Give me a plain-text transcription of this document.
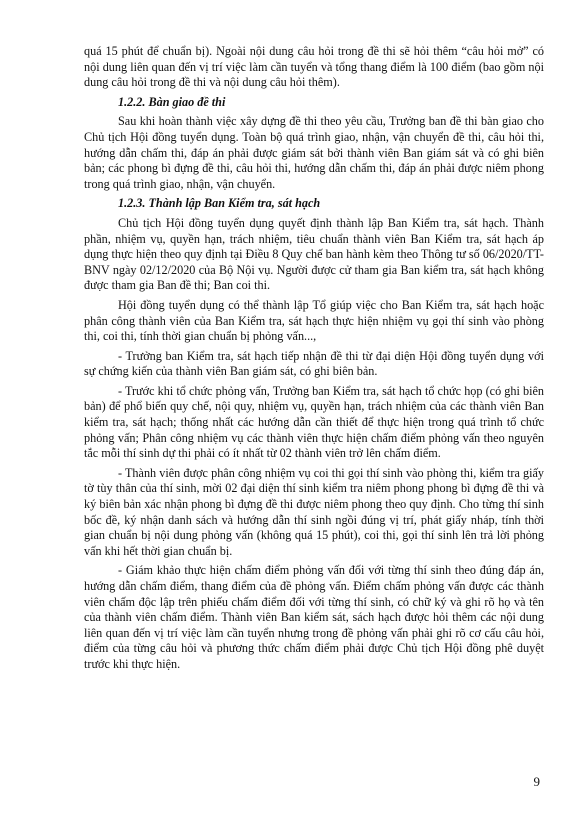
quá 15 phút để chuẩn bị). Ngoài nội dung câu hỏi trong đề thi sẽ hỏi thêm “câu hỏi mở” có nội dung liên quan đến vị trí việc làm cần tuyển và tổng thang điểm là 100 điểm (bao gồm nội dung câu hỏi trong đề thi và nội dung câu hỏi thêm).

1.2.2. Bàn giao đề thi

Sau khi hoàn thành việc xây dựng đề thi theo yêu cầu, Trưởng ban đề thi bàn giao cho Chủ tịch Hội đồng tuyển dụng. Toàn bộ quá trình giao, nhận, vận chuyển đề thi, câu hỏi thi, hướng dẫn chấm thi, đáp án phải được giám sát bởi thành viên Ban giám sát và có ghi biên bản; các phong bì đựng đề thi, câu hỏi thi, hướng dẫn chấm thi, đáp án phải được niêm phong trong quá trình giao, nhận, vận chuyển.

1.2.3. Thành lập Ban Kiểm tra, sát hạch

Chủ tịch Hội đồng tuyển dụng quyết định thành lập Ban Kiểm tra, sát hạch. Thành phần, nhiệm vụ, quyền hạn, trách nhiệm, tiêu chuẩn thành viên Ban Kiểm tra, sát hạch áp dụng thực hiện theo quy định tại Điều 8 Quy chế ban hành kèm theo Thông tư số 06/2020/TT-BNV ngày 02/12/2020 của Bộ Nội vụ. Người được cử tham gia Ban kiểm tra, sát hạch không được tham gia Ban đề thi; Ban coi thi.

Hội đồng tuyển dụng có thể thành lập Tổ giúp việc cho Ban Kiểm tra, sát hạch hoặc phân công thành viên của Ban Kiểm tra, sát hạch thực hiện nhiệm vụ gọi thí sinh vào phòng thi, coi thi, tính thời gian chuẩn bị phỏng vấn...,

- Trưởng ban Kiểm tra, sát hạch tiếp nhận đề thi từ đại diện Hội đồng tuyển dụng với sự chứng kiến của thành viên Ban giám sát, có ghi biên bản.

- Trước khi tổ chức phỏng vấn, Trưởng ban Kiểm tra, sát hạch tổ chức họp (có ghi biên bản) để phổ biến quy chế, nội quy, nhiệm vụ, quyền hạn, trách nhiệm của các thành viên Ban kiểm tra, sát hạch; thống nhất các hướng dẫn cần thiết để thực hiện trong quá trình tổ chức phỏng vấn; Phân công nhiệm vụ các thành viên thực hiện chấm điểm phỏng vấn theo nguyên tắc mỗi thí sinh dự thi phải có ít nhất từ 02 thành viên trở lên chấm điểm.

- Thành viên được phân công nhiệm vụ coi thi gọi thí sinh vào phòng thi, kiểm tra giấy tờ tùy thân của thí sinh, mời 02 đại diện thí sinh kiểm tra niêm phong phong bì đựng đề thi và ký biên bản xác nhận phong bì đựng đề thi được niêm phong theo quy định. Cho từng thí sinh bốc đề, ký nhận danh sách và hướng dẫn thí sinh ngồi đúng vị trí, phát giấy nháp, tính thời gian chuẩn bị nội dung phỏng vấn (không quá 15 phút), coi thi, gọi thí sinh lên trả lời phỏng vấn khi hết thời gian chuẩn bị.

- Giám khảo thực hiện chấm điểm phỏng vấn đối với từng thí sinh theo đúng đáp án, hướng dẫn chấm điểm, thang điểm của đề phỏng vấn. Điểm chấm phỏng vấn được các thành viên chấm độc lập trên phiếu chấm điểm đối với từng thí sinh, có chữ ký và ghi rõ họ và tên của thành viên chấm điểm. Thành viên Ban kiểm sát, sách hạch được hỏi thêm các nội dung liên quan đến vị trí việc làm cần tuyển nhưng trong đề phỏng vấn phải ghi rõ cơ cấu câu hỏi, điểm của từng câu hỏi và phương thức chấm điểm phải được Chủ tịch Hội đồng phê duyệt trước khi thực hiện.

9
